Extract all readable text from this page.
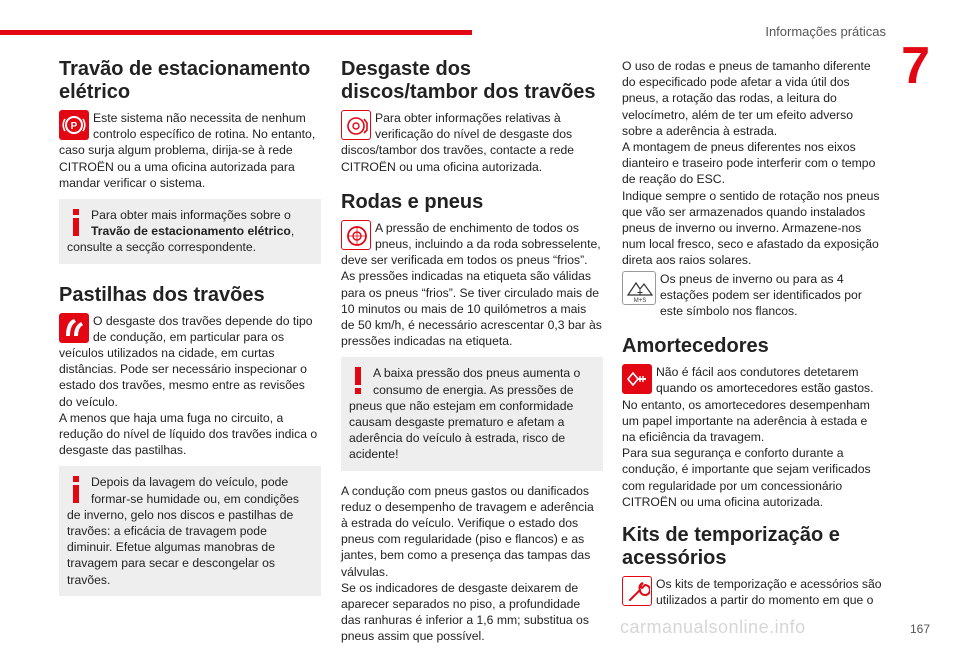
Informações práticas
7
Travão de estacionamento elétrico
P

Este sistema não necessita de nenhum controlo específico de rotina. No entanto, caso surja algum problema, dirija-se à rede CITROËN ou a uma oficina autorizada para mandar verificar o sistema.

Para obter mais informações sobre o Travão de estacionamento elétrico, consulte a secção correspondente.

Pastilhas dos travões

O desgaste dos travões depende do tipo de condução, em particular para os veículos utilizados na cidade, em curtas distâncias. Pode ser necessário inspecionar o estado dos travões, mesmo entre as revisões do veículo.

A menos que haja uma fuga no circuito, a redução do nível de líquido dos travões indica o desgaste das pastilhas.

Depois da lavagem do veículo, pode formar-se humidade ou, em condições de inverno, gelo nos discos e pastilhas de travões: a eficácia de travagem pode diminuir. Efetue algumas manobras de travagem para secar e descongelar os travões.

Desgaste dos discos/tambor dos travões

Para obter informações relativas à verificação do nível de desgaste dos discos/tambor dos travões, contacte a rede CITROËN ou uma oficina autorizada.

Rodas e pneus

A pressão de enchimento de todos os pneus, incluindo a da roda sobresselente, deve ser verificada em todos os pneus “frios”.

As pressões indicadas na etiqueta são válidas para os pneus “frios”. Se tiver circulado mais de 10 minutos ou mais de 10 quilómetros a mais de 50 km/h, é necessário acrescentar 0,3 bar às pressões indicadas na etiqueta.

A baixa pressão dos pneus aumenta o consumo de energia. As pressões de pneus que não estejam em conformidade causam desgaste prematuro e afetam a aderência do veículo à estrada, risco de acidente!

A condução com pneus gastos ou danificados reduz o desempenho de travagem e aderência à estrada do veículo. Verifique o estado dos pneus com regularidade (piso e flancos) e as jantes, bem como a presença das tampas das válvulas.

Se os indicadores de desgaste deixarem de aparecer separados no piso, a profundidade das ranhuras é inferior a 1,6 mm; substitua os pneus assim que possível.

O uso de rodas e pneus de tamanho diferente do especificado pode afetar a vida útil dos pneus, a rotação das rodas, a leitura do velocímetro, além de ter um efeito adverso sobre a aderência à estrada.

A montagem de pneus diferentes nos eixos dianteiro e traseiro pode interferir com o tempo de reação do ESC.

Indique sempre o sentido de rotação nos pneus que vão ser armazenados quando instalados pneus de inverno ou inverno. Armazene-nos num local fresco, seco e afastado da exposição direta aos raios solares.

M+S

Os pneus de inverno ou para as 4 estações podem ser identificados por este símbolo nos flancos.

Amortecedores

Não é fácil aos condutores detetarem quando os amortecedores estão gastos. No entanto, os amortecedores desempenham um papel importante na aderência à estada e na eficiência da travagem.

Para sua segurança e conforto durante a condução, é importante que sejam verificados com regularidade por um concessionário CITROËN ou uma oficina autorizada.

Kits de temporização e acessórios

Os kits de temporização e acessórios são utilizados a partir do momento em que o

carmanualsonline.info	167
